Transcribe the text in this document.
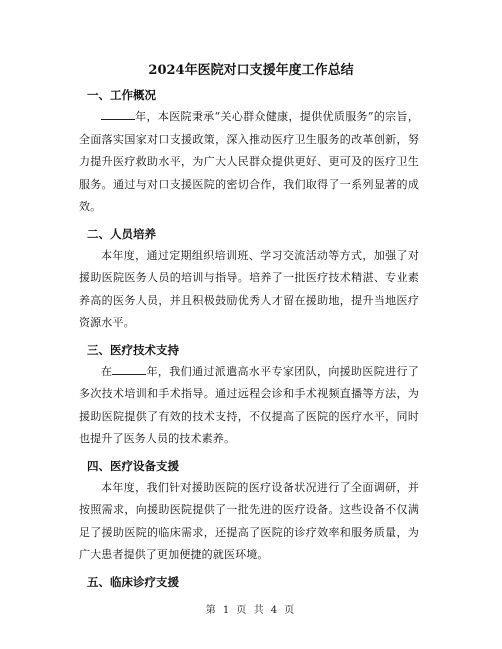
2024年医院对口支援年度工作总结

一、工作概况

年，本医院秉承“关心群众健康，提供优质服务”的宗旨，全面落实国家对口支援政策，深入推动医疗卫生服务的改革创新，努力提升医疗救助水平，为广大人民群众提供更好、更可及的医疗卫生服务。通过与对口支援医院的密切合作，我们取得了一系列显著的成效。

二、人员培养

本年度，通过定期组织培训班、学习交流活动等方式，加强了对援助医院医务人员的培训与指导。培养了一批医疗技术精湛、专业素养高的医务人员，并且积极鼓励优秀人才留在援助地，提升当地医疗资源水平。

三、医疗技术支持

在	年，我们通过派遣高水平专家团队，向援助医院进行了多次技术培训和手术指导。通过远程会诊和手术视频直播等方法，为援助医院提供了有效的技术支持，不仅提高了医院的医疗水平，同时也提升了医务人员的技术素养。

四、医疗设备支援

本年度，我们针对援助医院的医疗设备状况进行了全面调研，并按照需求，向援助医院提供了一批先进的医疗设备。这些设备不仅满足了援助医院的临床需求，还提高了医院的诊疗效率和服务质量，为广大患者提供了更加便捷的就医环境。

五、临床诊疗支援

第 1 页 共 4 页
